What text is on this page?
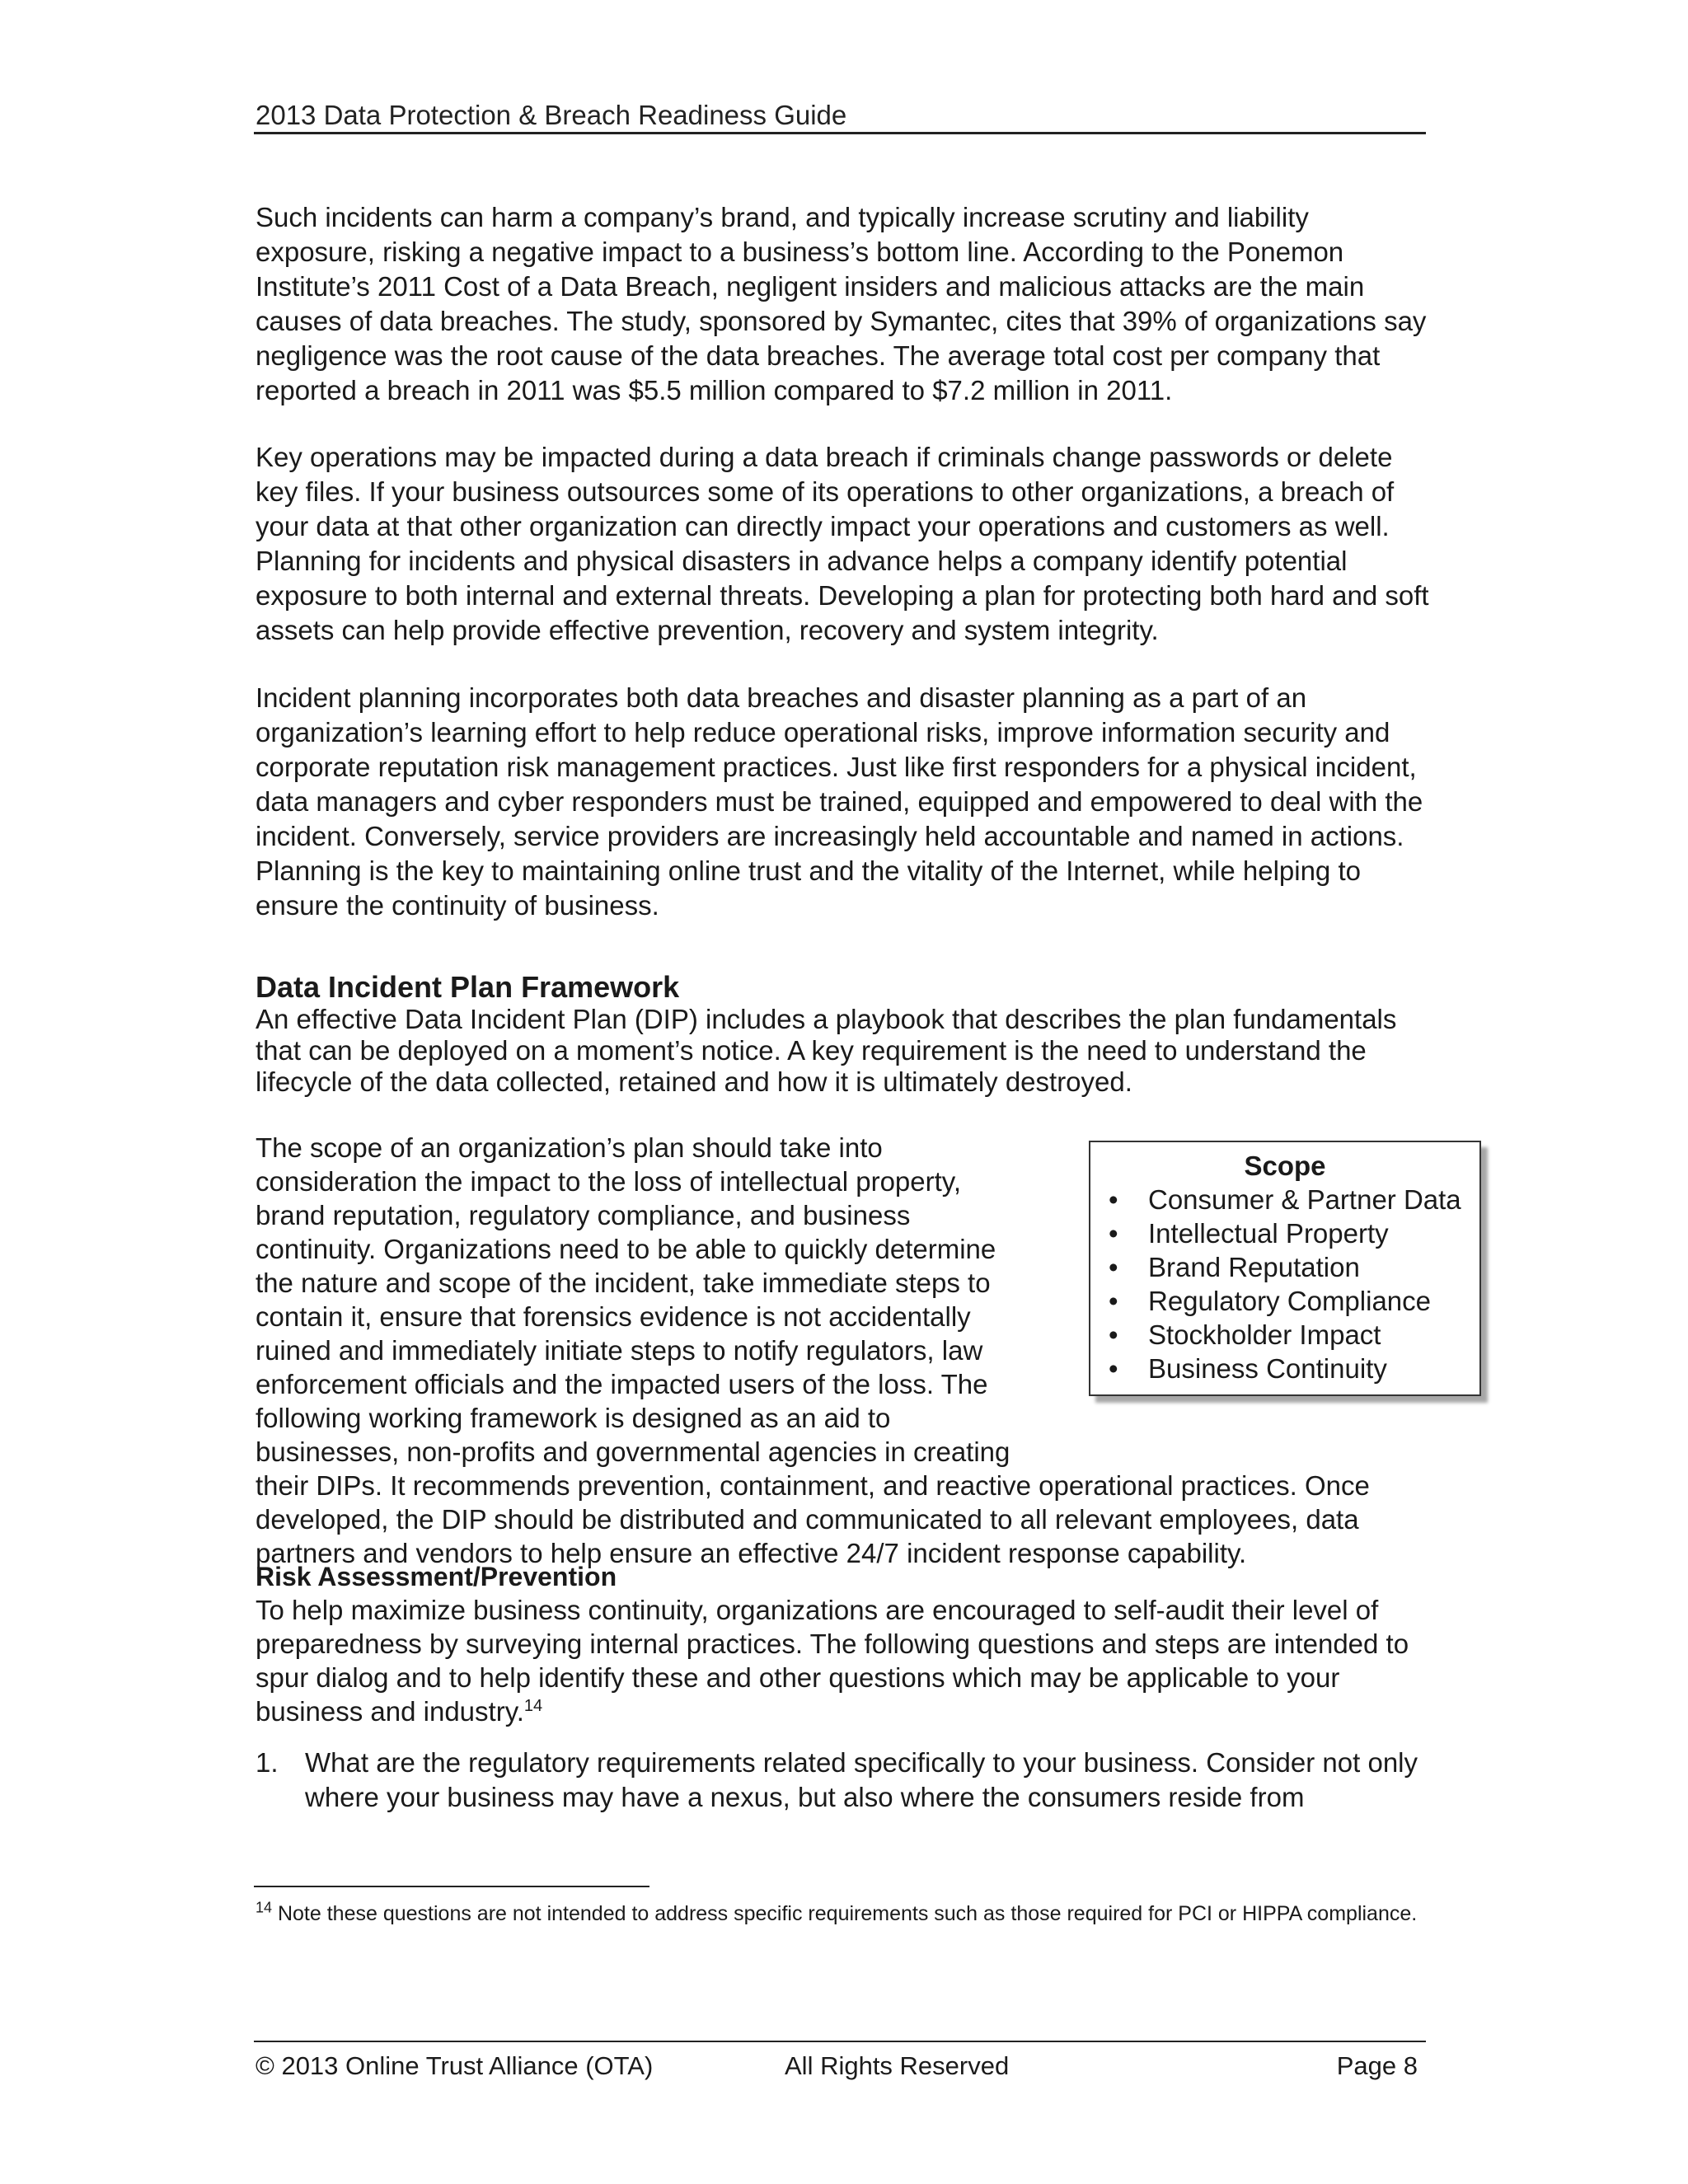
2013 Data Protection & Breach Readiness Guide

Such incidents can harm a company’s brand, and typically increase scrutiny and liability exposure, risking a negative impact to a business’s bottom line. According to the Ponemon Institute’s 2011 Cost of a Data Breach, negligent insiders and malicious attacks are the main causes of data breaches. The study, sponsored by Symantec, cites that 39% of organizations say negligence was the root cause of the data breaches. The average total cost per company that reported a breach in 2011 was $5.5 million compared to $7.2 million in 2011.

Key operations may be impacted during a data breach if criminals change passwords or delete key files. If your business outsources some of its operations to other organizations, a breach of your data at that other organization can directly impact your operations and customers as well. Planning for incidents and physical disasters in advance helps a company identify potential exposure to both internal and external threats. Developing a plan for protecting both hard and soft assets can help provide effective prevention, recovery and system integrity.

Incident planning incorporates both data breaches and disaster planning as a part of an organization’s learning effort to help reduce operational risks, improve information security and corporate reputation risk management practices. Just like first responders for a physical incident, data managers and cyber responders must be trained, equipped and empowered to deal with the incident. Conversely, service providers are increasingly held accountable and named in actions. Planning is the key to maintaining online trust and the vitality of the Internet, while helping to ensure the continuity of business.

Data Incident Plan Framework

An effective Data Incident Plan (DIP) includes a playbook that describes the plan fundamentals that can be deployed on a moment’s notice. A key requirement is the need to understand the lifecycle of the data collected, retained and how it is ultimately destroyed.

The scope of an organization’s plan should take into consideration the impact to the loss of intellectual property, brand reputation, regulatory compliance, and business continuity. Organizations need to be able to quickly determine the nature and scope of the incident, take immediate steps to contain it, ensure that forensics evidence is not accidentally ruined and immediately initiate steps to notify regulators, law enforcement officials and the impacted users of the loss. The following working framework is designed as an aid to businesses, non-profits and governmental agencies in creating their DIPs. It recommends prevention, containment, and reactive operational practices. Once developed, the DIP should be distributed and communicated to all relevant employees, data partners and vendors to help ensure an effective 24/7 incident response capability.
Scope
•	Consumer & Partner Data
•	Intellectual Property
•	Brand Reputation
•	Regulatory Compliance
•	Stockholder Impact
•	Business Continuity
Risk Assessment/Prevention

To help maximize business continuity, organizations are encouraged to self-audit their level of preparedness by surveying internal practices. The following questions and steps are intended to spur dialog and to help identify these and other questions which may be applicable to your business and industry.$^{14}$

1. What are the regulatory requirements related specifically to your business. Consider not only where your business may have a nexus, but also where the consumers reside from
$^{14}$ Note these questions are not intended to address specific requirements such as those required for PCI or HIPPA compliance.
© 2013 Online Trust Alliance (OTA)	All Rights Reserved	Page 8
